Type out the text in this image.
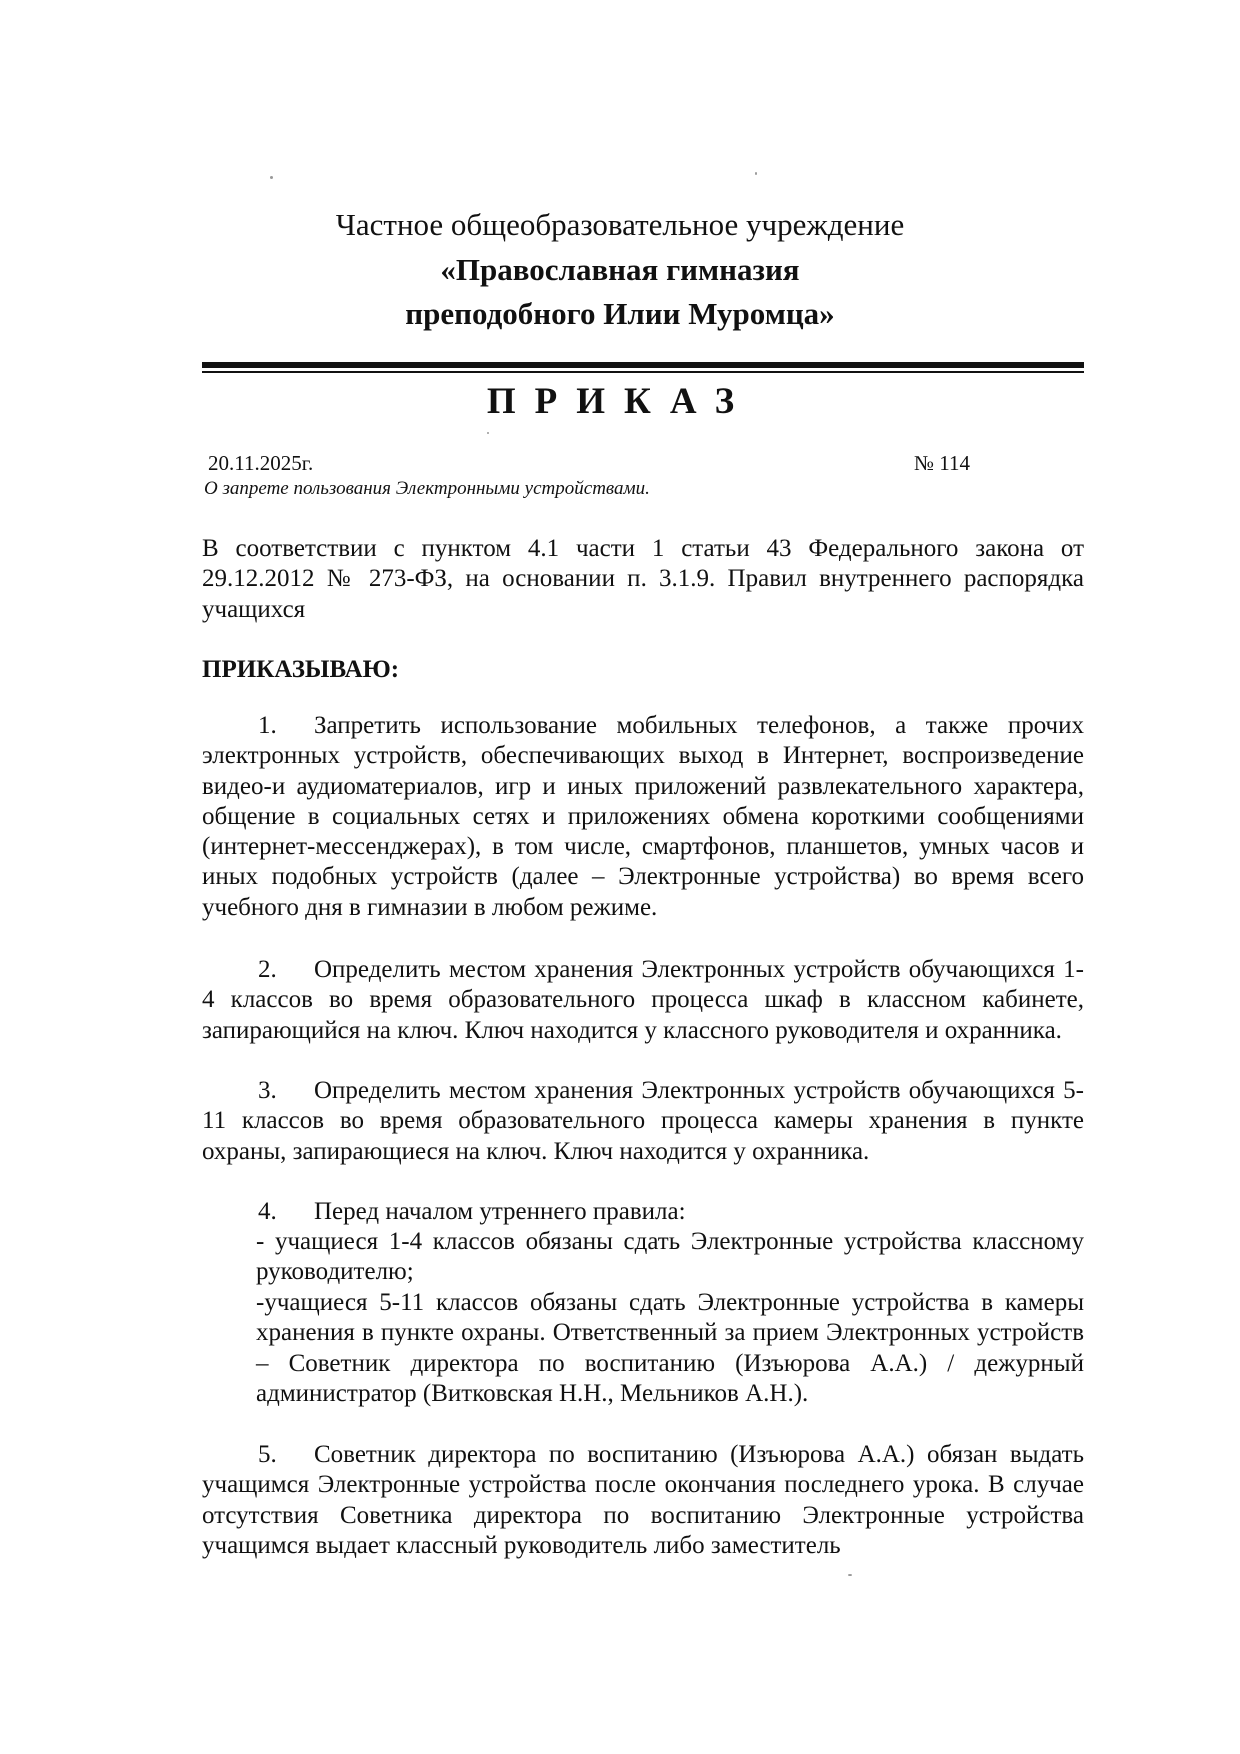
Частное общеобразовательное учреждение
«Православная гимназия
преподобного Илии Муромца»
ПРИКАЗ
20.11.2025г.	№ 114
О запрете пользования Электронными устройствами.
В соответствии с пунктом 4.1 части 1 статьи 43 Федерального закона от 29.12.2012 № 273-ФЗ, на основании п. 3.1.9. Правил внутреннего распорядка учащихся
ПРИКАЗЫВАЮ:
1. Запретить использование мобильных телефонов, а также прочих электронных устройств, обеспечивающих выход в Интернет, воспроизведение видео-и аудиоматериалов, игр и иных приложений развлекательного характера, общение в социальных сетях и приложениях обмена короткими сообщениями (интернет-мессенджерах), в том числе, смартфонов, планшетов, умных часов и иных подобных устройств (далее – Электронные устройства) во время всего учебного дня в гимназии в любом режиме.
2. Определить местом хранения Электронных устройств обучающихся 1-4 классов во время образовательного процесса шкаф в классном кабинете, запирающийся на ключ. Ключ находится у классного руководителя и охранника.
3. Определить местом хранения Электронных устройств обучающихся 5-11 классов во время образовательного процесса камеры хранения в пункте охраны, запирающиеся на ключ. Ключ находится у охранника.
4. Перед началом утреннего правила:
- учащиеся 1-4 классов обязаны сдать Электронные устройства классному руководителю;
-учащиеся 5-11 классов обязаны сдать Электронные устройства в камеры хранения в пункте охраны. Ответственный за прием Электронных устройств – Советник директора по воспитанию (Изъюрова А.А.) / дежурный администратор (Витковская Н.Н., Мельников А.Н.).
5. Советник директора по воспитанию (Изъюрова А.А.) обязан выдать учащимся Электронные устройства после окончания последнего урока. В случае отсутствия Советника директора по воспитанию Электронные устройства учащимся выдает классный руководитель либо заместитель
